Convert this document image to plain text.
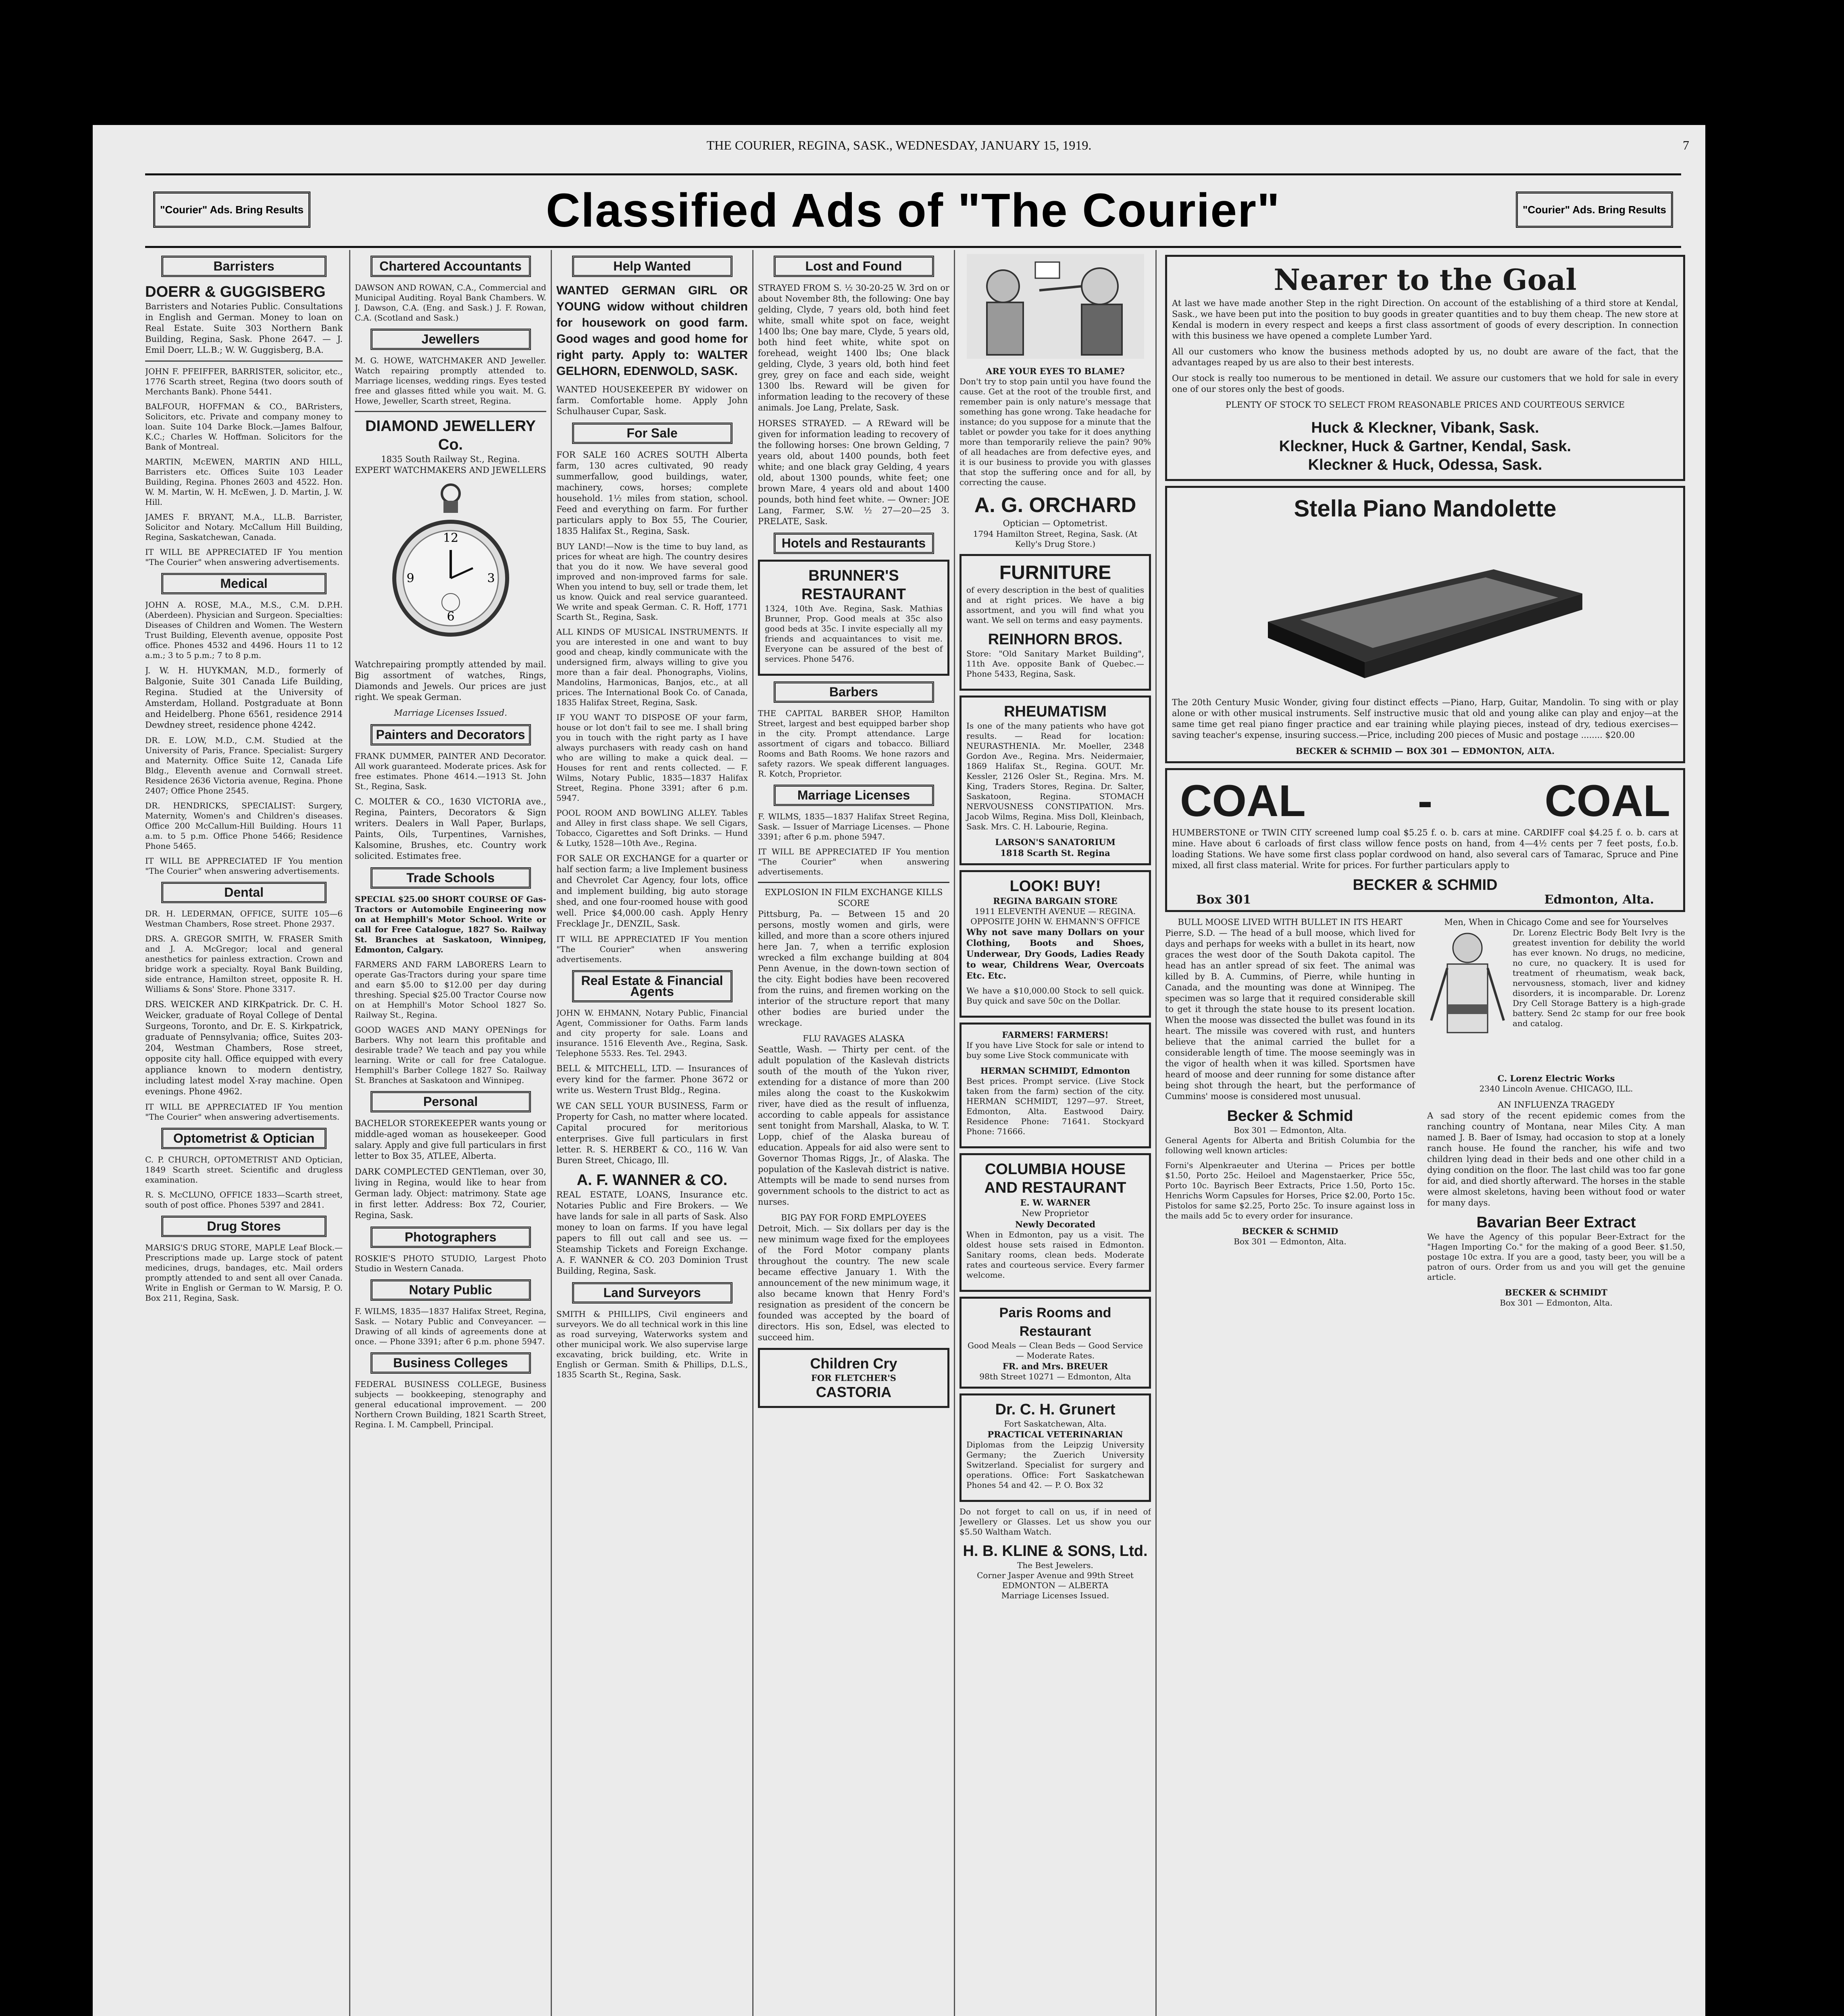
THE COURIER, REGINA, SASK., WEDNESDAY, JANUARY 15, 1919.	7
"Courier" Ads. Bring Results	Classified Ads of "The Courier"	"Courier" Ads. Bring Results
Barristers
DOERR & GUGGISBERG
Barristers and Notaries Public. Consultations in English and German. Money to loan on Real Estate. Suite 303 Northern Bank Building, Regina, Sask. Phone 2647. — J. Emil Doerr, LL.B.; W. W. Guggisberg, B.A.
JOHN F. PFEIFFER, BARRISTER, solicitor, etc., 1776 Scarth street, Regina (two doors south of Merchants Bank). Phone 5441.
BALFOUR, HOFFMAN & CO., BARristers, Solicitors, etc. Private and company money to loan. Suite 104 Darke Block.—James Balfour, K.C.; Charles W. Hoffman. Solicitors for the Bank of Montreal.
MARTIN, McEWEN, MARTIN AND HILL, Barristers etc. Offices Suite 103 Leader Building, Regina. Phones 2603 and 4522. Hon. W. M. Martin, W. H. McEwen, J. D. Martin, J. W. Hill.
JAMES F. BRYANT, M.A., LL.B. Barrister, Solicitor and Notary. McCallum Hill Building, Regina, Saskatchewan, Canada.
IT WILL BE APPRECIATED IF You mention "The Courier" when answering advertisements.
Medical
JOHN A. ROSE, M.A., M.S., C.M. D.P.H. (Aberdeen). Physician and Surgeon. Specialties: Diseases of Children and Women. The Western Trust Building, Eleventh avenue, opposite Post office. Phones 4532 and 4496. Hours 11 to 12 a.m.; 3 to 5 p.m.; 7 to 8 p.m.
J. W. H. HUYKMAN, M.D., formerly of Balgonie, Suite 301 Canada Life Building, Regina. Studied at the University of Amsterdam, Holland. Postgraduate at Bonn and Heidelberg. Phone 6561, residence 2914 Dewdney street, residence phone 4242.
DR. E. LOW, M.D., C.M. Studied at the University of Paris, France. Specialist: Surgery and Maternity. Office Suite 12, Canada Life Bldg., Eleventh avenue and Cornwall street. Residence 2636 Victoria avenue, Regina. Phone 2407; Office Phone 2545.
DR. HENDRICKS, SPECIALIST: Surgery, Maternity, Women's and Children's diseases. Office 200 McCallum-Hill Building. Hours 11 a.m. to 5 p.m. Office Phone 5466; Residence Phone 5465.
IT WILL BE APPRECIATED IF You mention "The Courier" when answering advertisements.
Dental
DR. H. LEDERMAN, OFFICE, SUITE 105—6 Westman Chambers, Rose street. Phone 2937.
DRS. A. GREGOR SMITH, W. FRASER Smith and J. A. McGregor; local and general anesthetics for painless extraction. Crown and bridge work a specialty. Royal Bank Building, side entrance, Hamilton street, opposite R. H. Williams & Sons' Store. Phone 3317.
DRS. WEICKER AND KIRKpatrick. Dr. C. H. Weicker, graduate of Royal College of Dental Surgeons, Toronto, and Dr. E. S. Kirkpatrick, graduate of Pennsylvania; office, Suites 203-204, Westman Chambers, Rose street, opposite city hall. Office equipped with every appliance known to modern dentistry, including latest model X-ray machine. Open evenings. Phone 4962.
IT WILL BE APPRECIATED IF You mention "The Courier" when answering advertisements.
Optometrist & Optician
C. P. CHURCH, OPTOMETRIST AND Optician, 1849 Scarth street. Scientific and drugless examination.
R. S. McCLUNO, OFFICE 1833—Scarth street, south of post office. Phones 5397 and 2841.
Drug Stores
MARSIG'S DRUG STORE, MAPLE Leaf Block.—Prescriptions made up. Large stock of patent medicines, drugs, bandages, etc. Mail orders promptly attended to and sent all over Canada. Write in English or German to W. Marsig, P. O. Box 211, Regina, Sask.
Chartered Accountants
DAWSON AND ROWAN, C.A., Commercial and Municipal Auditing. Royal Bank Chambers. W. J. Dawson, C.A. (Eng. and Sask.) J. F. Rowan, C.A. (Scotland and Sask.)
Jewellers
M. G. HOWE, WATCHMAKER AND Jeweller. Watch repairing promptly attended to. Marriage licenses, wedding rings. Eyes tested free and glasses fitted while you wait. M. G. Howe, Jeweller, Scarth street, Regina.
DIAMOND JEWELLERY Co.
1835 South Railway St., Regina.
EXPERT WATCHMAKERS AND JEWELLERS
12
3
6
9
Watchrepairing promptly attended by mail. Big assortment of watches, Rings, Diamonds and Jewels. Our prices are just right. We speak German.
Marriage Licenses Issued.
Painters and Decorators
FRANK DUMMER, PAINTER AND Decorator. All work guaranteed. Moderate prices. Ask for free estimates. Phone 4614.—1913 St. John St., Regina, Sask.
C. MOLTER & CO., 1630 VICTORIA ave., Regina, Painters, Decorators & Sign writers. Dealers in Wall Paper, Burlaps, Paints, Oils, Turpentines, Varnishes, Kalsomine, Brushes, etc. Country work solicited. Estimates free.
Trade Schools
SPECIAL $25.00 SHORT COURSE OF Gas-Tractors or Automobile Engineering now on at Hemphill's Motor School. Write or call for Free Catalogue, 1827 So. Railway St. Branches at Saskatoon, Winnipeg, Edmonton, Calgary.
FARMERS AND FARM LABORERS Learn to operate Gas-Tractors during your spare time and earn $5.00 to $12.00 per day during threshing. Special $25.00 Tractor Course now on at Hemphill's Motor School 1827 So. Railway St., Regina.
GOOD WAGES AND MANY OPENings for Barbers. Why not learn this profitable and desirable trade? We teach and pay you while learning. Write or call for free Catalogue. Hemphill's Barber College 1827 So. Railway St. Branches at Saskatoon and Winnipeg.
Personal
BACHELOR STOREKEEPER wants young or middle-aged woman as housekeeper. Good salary. Apply and give full particulars in first letter to Box 35, ATLEE, Alberta.
DARK COMPLECTED GENTleman, over 30, living in Regina, would like to hear from German lady. Object: matrimony. State age in first letter. Address: Box 72, Courier, Regina, Sask.
Photographers
ROSKIE'S PHOTO STUDIO, Largest Photo Studio in Western Canada.
Notary Public
F. WILMS, 1835—1837 Halifax Street, Regina, Sask. — Notary Public and Conveyancer. — Drawing of all kinds of agreements done at once. — Phone 3391; after 6 p.m. phone 5947.
Business Colleges
FEDERAL BUSINESS COLLEGE, Business subjects — bookkeeping, stenography and general educational improvement. — 200 Northern Crown Building, 1821 Scarth Street, Regina. I. M. Campbell, Principal.
Help Wanted
WANTED GERMAN GIRL OR YOUNG widow without children for housework on good farm. Good wages and good home for right party. Apply to: WALTER GELHORN, EDENWOLD, SASK.
WANTED HOUSEKEEPER BY widower on farm. Comfortable home. Apply John Schulhauser Cupar, Sask.
For Sale
FOR SALE 160 ACRES SOUTH Alberta farm, 130 acres cultivated, 90 ready summerfallow, good buildings, water, machinery, cows, horses; complete household. 1½ miles from station, school. Feed and everything on farm. For further particulars apply to Box 55, The Courier, 1835 Halifax St., Regina, Sask.
BUY LAND!—Now is the time to buy land, as prices for wheat are high. The country desires that you do it now. We have several good improved and non-improved farms for sale. When you intend to buy, sell or trade them, let us know. Quick and real service guaranteed. We write and speak German. C. R. Hoff, 1771 Scarth St., Regina, Sask.
ALL KINDS OF MUSICAL INSTRUMENTS. If you are interested in one and want to buy good and cheap, kindly communicate with the undersigned firm, always willing to give you more than a fair deal. Phonographs, Violins, Mandolins, Harmonicas, Banjos, etc., at all prices. The International Book Co. of Canada, 1835 Halifax Street, Regina, Sask.
IF YOU WANT TO DISPOSE OF your farm, house or lot don't fail to see me. I shall bring you in touch with the right party as I have always purchasers with ready cash on hand who are willing to make a quick deal. — Houses for rent and rents collected. — F. Wilms, Notary Public, 1835—1837 Halifax Street, Regina. Phone 3391; after 6 p.m. 5947.
POOL ROOM AND BOWLING ALLEY. Tables and Alley in first class shape. We sell Cigars, Tobacco, Cigarettes and Soft Drinks. — Hund & Lutky, 1528—10th Ave., Regina.
FOR SALE OR EXCHANGE for a quarter or half section farm; a live Implement business and Chevrolet Car Agency, four lots, office and implement building, big auto storage shed, and one four-roomed house with good well. Price $4,000.00 cash. Apply Henry Frecklage Jr., DENZIL, Sask.
IT WILL BE APPRECIATED IF You mention "The Courier" when answering advertisements.
Real Estate & Financial Agents
JOHN W. EHMANN, Notary Public, Financial Agent, Commissioner for Oaths. Farm lands and city property for sale. Loans and insurance. 1516 Eleventh Ave., Regina, Sask. Telephone 5533. Res. Tel. 2943.
BELL & MITCHELL, LTD. — Insurances of every kind for the farmer. Phone 3672 or write us. Western Trust Bldg., Regina.
WE CAN SELL YOUR BUSINESS, Farm or Property for Cash, no matter where located. Capital procured for meritorious enterprises. Give full particulars in first letter. R. S. HERBERT & CO., 116 W. Van Buren Street, Chicago, Ill.
A. F. WANNER & CO.
REAL ESTATE, LOANS, Insurance etc. Notaries Public and Fire Brokers. — We have lands for sale in all parts of Sask. Also money to loan on farms. If you have legal papers to fill out call and see us. — Steamship Tickets and Foreign Exchange. A. F. WANNER & CO. 203 Dominion Trust Building, Regina, Sask.
Land Surveyors
SMITH & PHILLIPS, Civil engineers and surveyors. We do all technical work in this line as road surveying, Waterworks system and other municipal work. We also supervise large excavating, brick building, etc. Write in English or German. Smith & Phillips, D.L.S., 1835 Scarth St., Regina, Sask.
Lost and Found
STRAYED FROM S. ½ 30-20-25 W. 3rd on or about November 8th, the following: One bay gelding, Clyde, 7 years old, both hind feet white, small white spot on face, weight 1400 lbs; One bay mare, Clyde, 5 years old, both hind feet white, white spot on forehead, weight 1400 lbs; One black gelding, Clyde, 3 years old, both hind feet grey, grey on face and each side, weight 1300 lbs. Reward will be given for information leading to the recovery of these animals. Joe Lang, Prelate, Sask.
HORSES STRAYED. — A REward will be given for information leading to recovery of the following horses: One brown Gelding, 7 years old, about 1400 pounds, both feet white; and one black gray Gelding, 4 years old, about 1300 pounds, white feet; one brown Mare, 4 years old and about 1400 pounds, both hind feet white. — Owner: JOE Lang, Farmer, S.W. ½ 27—20—25 3. PRELATE, Sask.
Hotels and Restaurants
BRUNNER'S RESTAURANT
1324, 10th Ave. Regina, Sask. Mathias Brunner, Prop. Good meals at 35c also good beds at 35c. I invite especially all my friends and acquaintances to visit me. Everyone can be assured of the best of services. Phone 5476.
Barbers
THE CAPITAL BARBER SHOP, Hamilton Street, largest and best equipped barber shop in the city. Prompt attendance. Large assortment of cigars and tobacco. Billiard Rooms and Bath Rooms. We hone razors and safety razors. We speak different languages. R. Kotch, Proprietor.
Marriage Licenses
F. WILMS, 1835—1837 Halifax Street Regina, Sask. — Issuer of Marriage Licenses. — Phone 3391; after 6 p.m. phone 5947.
IT WILL BE APPRECIATED IF You mention "The Courier" when answering advertisements.
EXPLOSION IN FILM EXCHANGE KILLS SCORE
Pittsburg, Pa. — Between 15 and 20 persons, mostly women and girls, were killed, and more than a score others injured here Jan. 7, when a terrific explosion wrecked a film exchange building at 804 Penn Avenue, in the down-town section of the city. Eight bodies have been recovered from the ruins, and firemen working on the interior of the structure report that many other bodies are buried under the wreckage.
FLU RAVAGES ALASKA
Seattle, Wash. — Thirty per cent. of the adult population of the Kaslevah districts south of the mouth of the Yukon river, extending for a distance of more than 200 miles along the coast to the Kuskokwim river, have died as the result of influenza, according to cable appeals for assistance sent tonight from Marshall, Alaska, to W. T. Lopp, chief of the Alaska bureau of education. Appeals for aid also were sent to Governor Thomas Riggs, Jr., of Alaska. The population of the Kaslevah district is native. Attempts will be made to send nurses from government schools to the district to act as nurses.
BIG PAY FOR FORD EMPLOYEES
Detroit, Mich. — Six dollars per day is the new minimum wage fixed for the employees of the Ford Motor company plants throughout the country. The new scale became effective January 1. With the announcement of the new minimum wage, it also became known that Henry Ford's resignation as president of the concern be founded was accepted by the board of directors. His son, Edsel, was elected to succeed him.
Children Cry
FOR FLETCHER'S
CASTORIA
ARE YOUR EYES TO BLAME?
Don't try to stop pain until you have found the cause. Get at the root of the trouble first, and remember pain is only nature's message that something has gone wrong. Take headache for instance; do you suppose for a minute that the tablet or powder you take for it does anything more than temporarily relieve the pain? 90% of all headaches are from defective eyes, and it is our business to provide you with glasses that stop the suffering once and for all, by correcting the cause.
A. G. ORCHARD
Optician — Optometrist.
1794 Hamilton Street, Regina, Sask. (At Kelly's Drug Store.)
FURNITURE
of every description in the best of qualities and at right prices. We have a big assortment, and you will find what you want. We sell on terms and easy payments.
REINHORN BROS.
Store: "Old Sanitary Market Building", 11th Ave. opposite Bank of Quebec.—Phone 5433, Regina, Sask.
RHEUMATISM
Is one of the many patients who have got results. — Read for location: NEURASTHENIA. Mr. Moeller, 2348 Gordon Ave., Regina. Mrs. Neidermaier, 1869 Halifax St., Regina. GOUT. Mr. Kessler, 2126 Osler St., Regina. Mrs. M. King, Traders Stores, Regina. Dr. Salter, Saskatoon, Regina. STOMACH NERVOUSNESS CONSTIPATION. Mrs. Jacob Wilms, Regina. Miss Doll, Kleinbach, Sask. Mrs. C. H. Labourie, Regina.
LARSON'S SANATORIUM
1818 Scarth St. Regina
LOOK! BUY!
REGINA BARGAIN STORE
1911 ELEVENTH AVENUE — REGINA. OPPOSITE JOHN W. EHMANN'S OFFICE
Why not save many Dollars on your Clothing, Boots and Shoes, Underwear, Dry Goods, Ladies Ready to wear, Childrens Wear, Overcoats Etc. Etc.
We have a $10,000.00 Stock to sell quick. Buy quick and save 50c on the Dollar.
FARMERS! FARMERS!
If you have Live Stock for sale or intend to buy some Live Stock communicate with
HERMAN SCHMIDT, Edmonton
Best prices. Prompt service. (Live Stock taken from the farm) section of the city. HERMAN SCHMIDT, 1297—97. Street, Edmonton, Alta. Eastwood Dairy. Residence Phone: 71641. Stockyard Phone: 71666.
COLUMBIA HOUSE
AND RESTAURANT
E. W. WARNER
New Proprietor
Newly Decorated
When in Edmonton, pay us a visit. The oldest house sets raised in Edmonton. Sanitary rooms, clean beds. Moderate rates and courteous service. Every farmer welcome.
Paris Rooms and Restaurant
Good Meals — Clean Beds — Good Service — Moderate Rates.
FR. and Mrs. BREUER
98th Street 10271 — Edmonton, Alta
Dr. C. H. Grunert
Fort Saskatchewan, Alta.
PRACTICAL VETERINARIAN
Diplomas from the Leipzig University Germany; the Zuerich University Switzerland. Specialist for surgery and operations. Office: Fort Saskatchewan Phones 54 and 42. — P. O. Box 32
Do not forget to call on us, if in need of Jewellery or Glasses. Let us show you our $5.50 Waltham Watch.
H. B. KLINE & SONS, Ltd.
The Best Jewelers.
Corner Jasper Avenue and 99th Street EDMONTON — ALBERTA
Marriage Licenses Issued.
Nearer to the Goal
At last we have made another Step in the right Direction. On account of the establishing of a third store at Kendal, Sask., we have been put into the position to buy goods in greater quantities and to buy them cheap. The new store at Kendal is modern in every respect and keeps a first class assortment of goods of every description. In connection with this business we have opened a complete Lumber Yard.
All our customers who know the business methods adopted by us, no doubt are aware of the fact, that the advantages reaped by us are also to their best interests.
Our stock is really too numerous to be mentioned in detail. We assure our customers that we hold for sale in every one of our stores only the best of goods.
PLENTY OF STOCK TO SELECT FROM REASONABLE PRICES AND COURTEOUS SERVICE
Huck & Kleckner, Vibank, Sask.
Kleckner, Huck & Gartner, Kendal, Sask.
Kleckner & Huck, Odessa, Sask.
Stella Piano Mandolette
The 20th Century Music Wonder, giving four distinct effects —Piano, Harp, Guitar, Mandolin. To sing with or play alone or with other musical instruments. Self instructive music that old and young alike can play and enjoy—at the same time get real piano finger practice and ear training while playing pieces, instead of dry, tedious exercises—saving teacher's expense, insuring success.—Price, including 200 pieces of Music and postage ........ $20.00
BECKER & SCHMID — BOX 301 — EDMONTON, ALTA.
COAL	-	COAL
HUMBERSTONE or TWIN CITY screened lump coal $5.25 f. o. b. cars at mine. CARDIFF coal $4.25 f. o. b. cars at mine. Have about 6 carloads of first class willow fence posts on hand, from 4—4½ cents per 7 feet posts, f.o.b. loading Stations. We have some first class poplar cordwood on hand, also several cars of Tamarac, Spruce and Pine mixed, all first class material. Write for prices. For further particulars apply to
BECKER & SCHMID
Box 301	Edmonton, Alta.
BULL MOOSE LIVED WITH BULLET IN ITS HEART
Pierre, S.D. — The head of a bull moose, which lived for days and perhaps for weeks with a bullet in its heart, now graces the west door of the South Dakota capitol. The head has an antler spread of six feet. The animal was killed by B. A. Cummins, of Pierre, while hunting in Canada, and the mounting was done at Winnipeg. The specimen was so large that it required considerable skill to get it through the state house to its present location. When the moose was dissected the bullet was found in its heart. The missile was covered with rust, and hunters believe that the animal carried the bullet for a considerable length of time. The moose seemingly was in the vigor of health when it was killed. Sportsmen have heard of moose and deer running for some distance after being shot through the heart, but the performance of Cummins' moose is considered most unusual.
Becker & Schmid
Box 301 — Edmonton, Alta.
General Agents for Alberta and British Columbia for the following well known articles:
Forni's Alpenkraeuter and Uterina — Prices per bottle $1.50, Porto 25c. Heiloel and Magenstaerker, Price 55c, Porto 10c. Bayrisch Beer Extracts, Price 1.50, Porto 15c. Henrichs Worm Capsules for Horses, Price $2.00, Porto 15c. Pistolos for same $2.25, Porto 25c. To insure against loss in the mails add 5c to every order for insurance.
BECKER & SCHMID
Box 301 — Edmonton, Alta.
Men, When in Chicago Come and see for Yourselves
Dr. Lorenz Electric Body Belt Ivry is the greatest invention for debility the world has ever known. No drugs, no medicine, no cure, no quackery. It is used for treatment of rheumatism, weak back, nervousness, stomach, liver and kidney disorders, it is incomparable. Dr. Lorenz Dry Cell Storage Battery is a high-grade battery. Send 2c stamp for our free book and catalog.
C. Lorenz Electric Works
2340 Lincoln Avenue. CHICAGO, ILL.
AN INFLUENZA TRAGEDY
A sad story of the recent epidemic comes from the ranching country of Montana, near Miles City. A man named J. B. Baer of Ismay, had occasion to stop at a lonely ranch house. He found the rancher, his wife and two children lying dead in their beds and one other child in a dying condition on the floor. The last child was too far gone for aid, and died shortly afterward. The horses in the stable were almost skeletons, having been without food or water for many days.
Bavarian Beer Extract
We have the Agency of this popular Beer-Extract for the "Hagen Importing Co." for the making of a good Beer. $1.50, postage 10c extra. If you are a good, tasty beer, you will be a patron of ours. Order from us and you will get the genuine article.
BECKER & SCHMIDT
Box 301 — Edmonton, Alta.
